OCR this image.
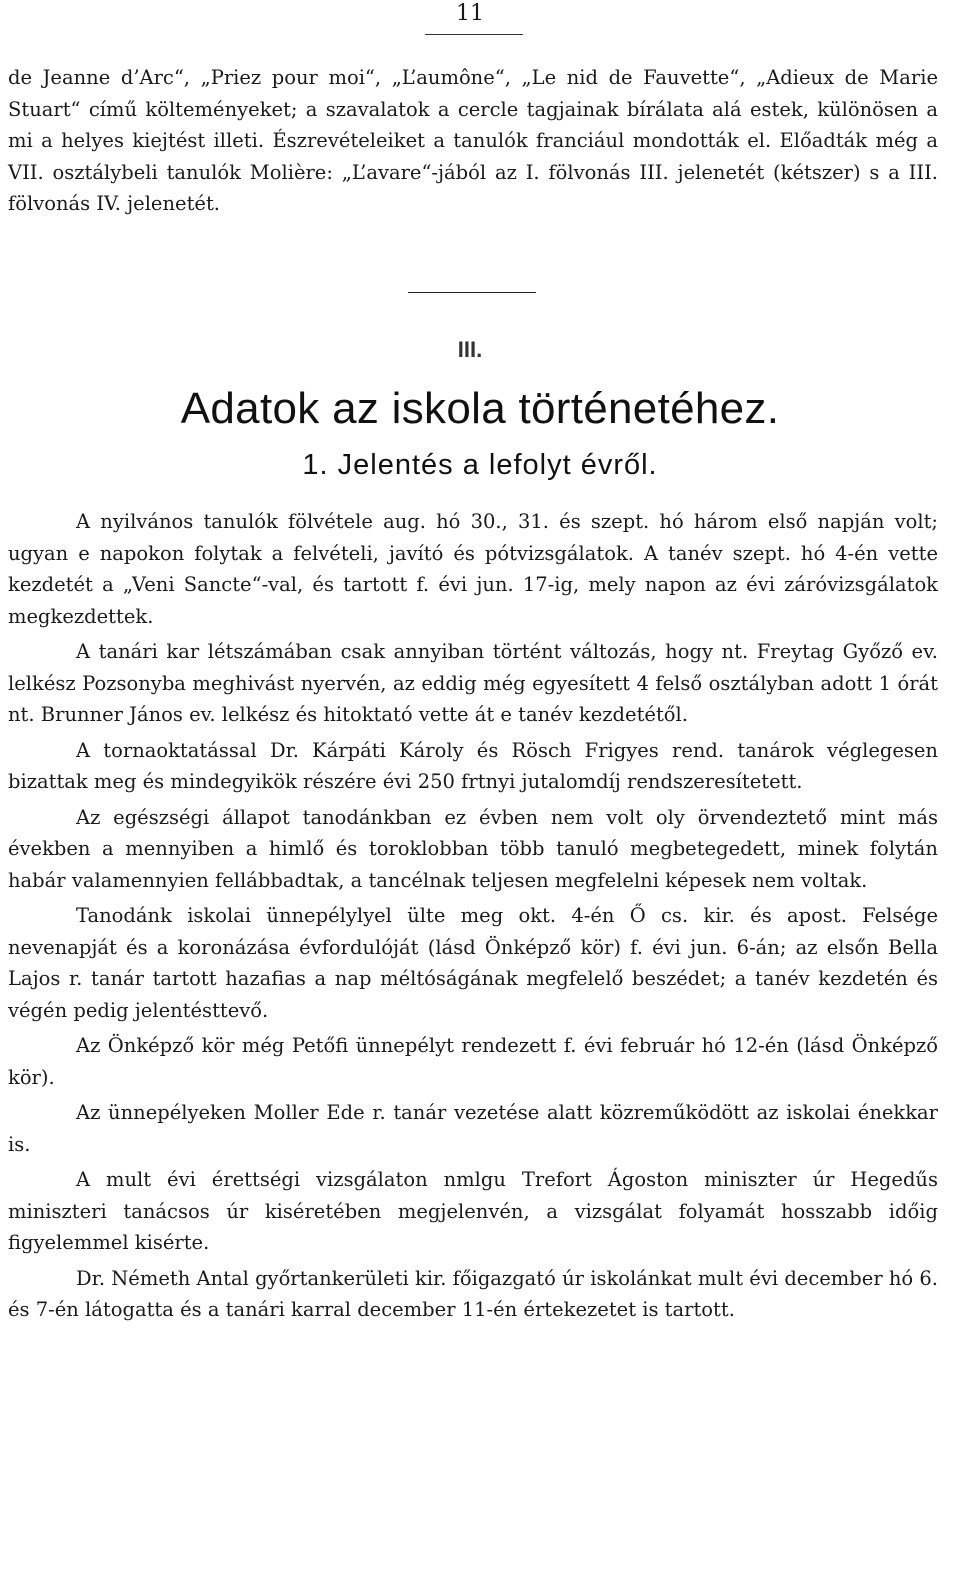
11

de Jeanne d’Arc“, „Priez pour moi“, „L’aumône“, „Le nid de Fauvette“, „Adieux de Marie Stuart“ című költeményeket; a szavalatok a cercle tagjainak bírálata alá estek, különösen a mi a helyes kiejtést illeti. Észrevételeiket a tanulók franciául mondották el. Előadták még a VII. osztálybeli tanulók Molière: „L’avare“-jából az I. fölvonás III. jelenetét (kétszer) s a III. fölvonás IV. jelenetét.

III.
Adatok az iskola történetéhez.
1. Jelentés a lefolyt évről.

A nyilvános tanulók fölvétele aug. hó 30., 31. és szept. hó három első napján volt; ugyan e napokon folytak a felvételi, javító és pótvizsgálatok. A tanév szept. hó 4-én vette kezdetét a „Veni Sancte“-val, és tartott f. évi jun. 17-ig, mely napon az évi záróvizsgálatok megkezdettek.

A tanári kar létszámában csak annyiban történt változás, hogy nt. Freytag Győző ev. lelkész Pozsonyba meghivást nyervén, az eddig még egyesített 4 felső osztályban adott 1 órát nt. Brunner János ev. lelkész és hitoktató vette át e tanév kezdetétől.

A tornaoktatással Dr. Kárpáti Károly és Rösch Frigyes rend. tanárok véglegesen bizattak meg és mindegyikök részére évi 250 frtnyi jutalomdíj rendszeresítetett.

Az egészségi állapot tanodánkban ez évben nem volt oly örvendeztető mint más években a mennyiben a himlő és toroklobban több tanuló megbetegedett, minek folytán habár valamennyien fellábbadtak, a tancélnak teljesen megfelelni képesek nem voltak.

Tanodánk iskolai ünnepélylyel ülte meg okt. 4-én Ő cs. kir. és apost. Felsége nevenapját és a koronázása évfordulóját (lásd Önképző kör) f. évi jun. 6-án; az elsőn Bella Lajos r. tanár tartott hazafias a nap méltóságának megfelelő beszédet; a tanév kezdetén és végén pedig jelentésttevő.

Az Önképző kör még Petőfi ünnepélyt rendezett f. évi február hó 12-én (lásd Önképző kör).

Az ünnepélyeken Moller Ede r. tanár vezetése alatt közreműködött az iskolai énekkar is.

A mult évi érettségi vizsgálaton nmlgu Trefort Ágoston miniszter úr Hegedűs miniszteri tanácsos úr kiséretében megjelenvén, a vizsgálat folyamát hosszabb időig figyelemmel kisérte.

Dr. Németh Antal győrtankerületi kir. főigazgató úr iskolánkat mult évi december hó 6. és 7-én látogatta és a tanári karral december 11-én értekezetet is tartott.
